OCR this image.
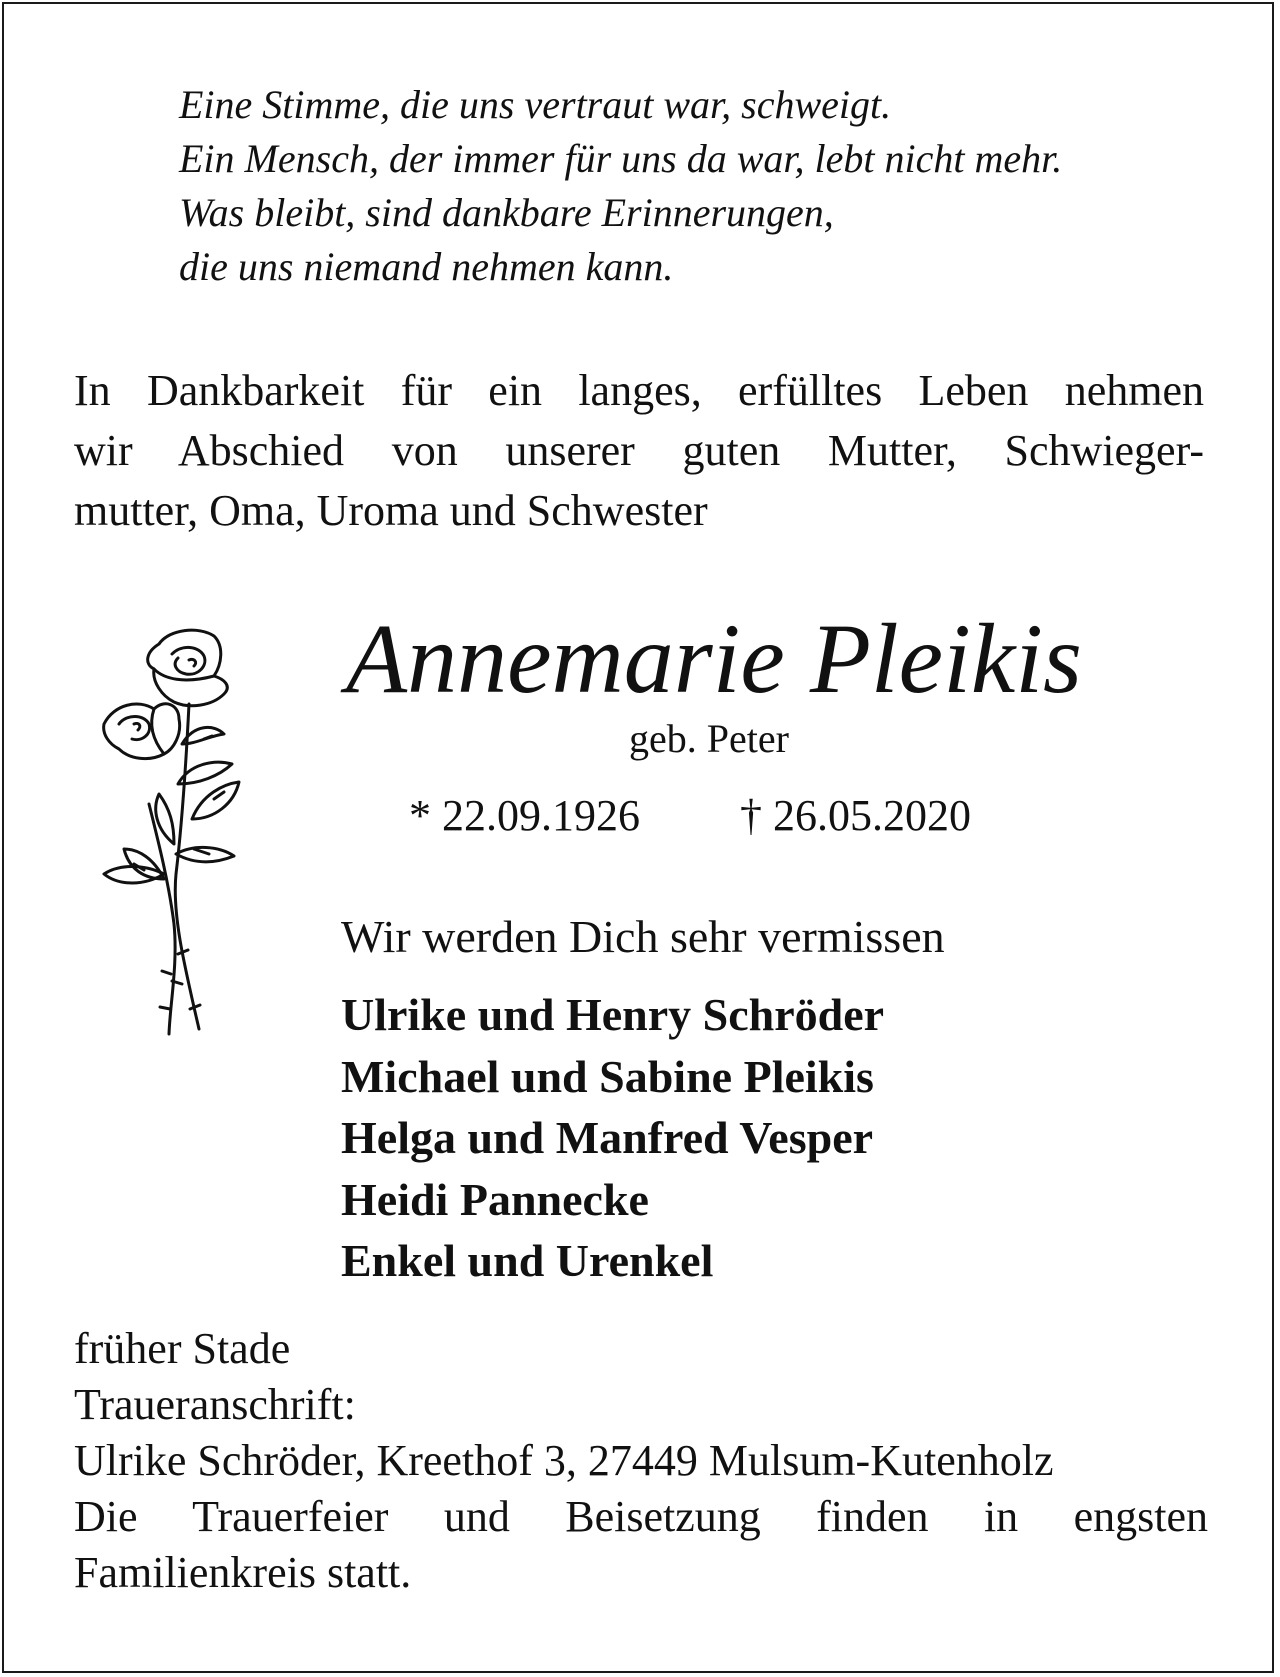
Eine Stimme, die uns vertraut war, schweigt.
Ein Mensch, der immer für uns da war, lebt nicht mehr.
Was bleibt, sind dankbare Erinnerungen,
die uns niemand nehmen kann.
In Dankbarkeit für ein langes, erfülltes Leben nehmen
wir Abschied von unserer guten Mutter, Schwieger-
mutter, Oma, Uroma und Schwester
Annemarie Pleikis
geb. Peter
* 22.09.1926 † 26.05.2020
Wir werden Dich sehr vermissen
Ulrike und Henry Schröder
Michael und Sabine Pleikis
Helga und Manfred Vesper
Heidi Pannecke
Enkel und Urenkel
früher Stade
Traueranschrift:
Ulrike Schröder, Kreethof 3, 27449 Mulsum-Kutenholz
Die Trauerfeier und Beisetzung finden in engsten
Familienkreis statt.
